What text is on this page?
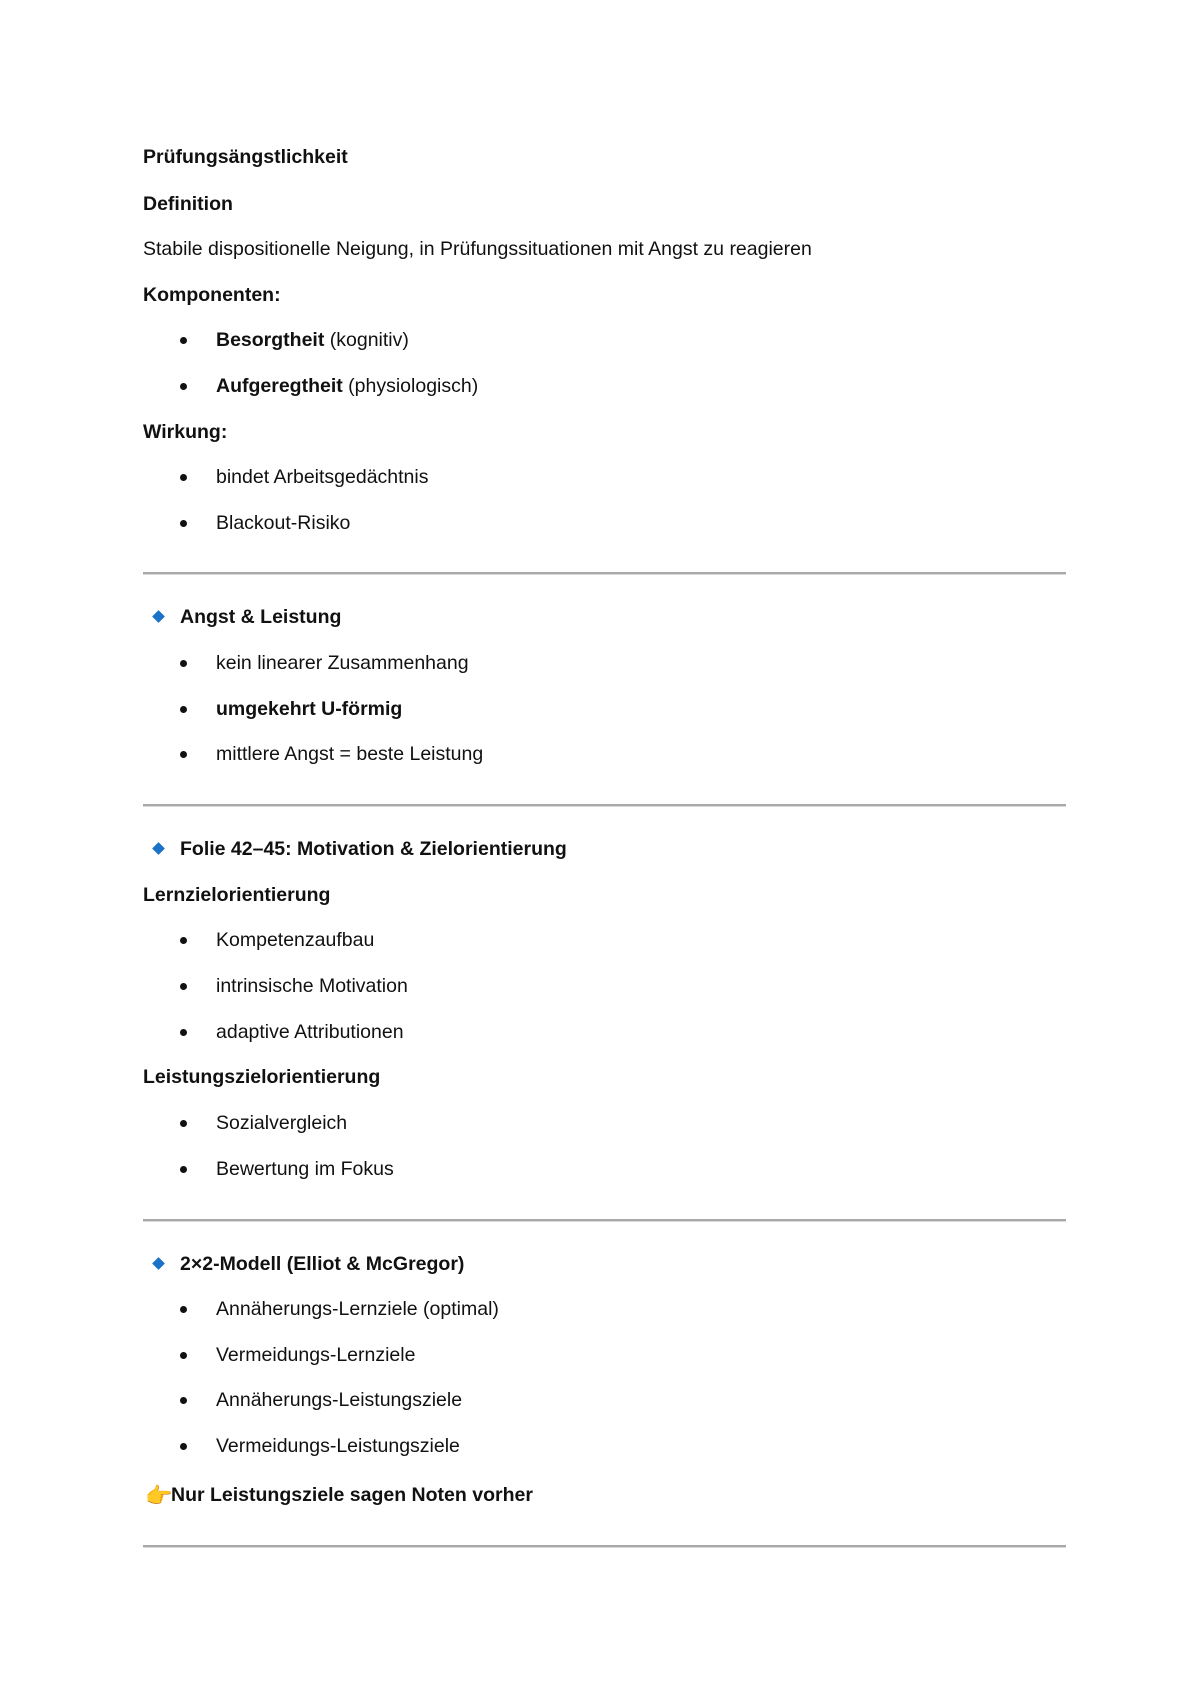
Prüfungsängstlichkeit
Definition
Stabile dispositionelle Neigung, in Prüfungssituationen mit Angst zu reagieren
Komponenten:
Besorgtheit (kognitiv)
Aufgeregtheit (physiologisch)
Wirkung:
bindet Arbeitsgedächtnis
Blackout-Risiko
Angst & Leistung
kein linearer Zusammenhang
umgekehrt U-förmig
mittlere Angst = beste Leistung
Folie 42–45: Motivation & Zielorientierung
Lernzielorientierung
Kompetenzaufbau
intrinsische Motivation
adaptive Attributionen
Leistungszielorientierung
Sozialvergleich
Bewertung im Fokus
2×2-Modell (Elliot & McGregor)
Annäherungs-Lernziele (optimal)
Vermeidungs-Lernziele
Annäherungs-Leistungsziele
Vermeidungs-Leistungsziele
👉Nur Leistungsziele sagen Noten vorher
